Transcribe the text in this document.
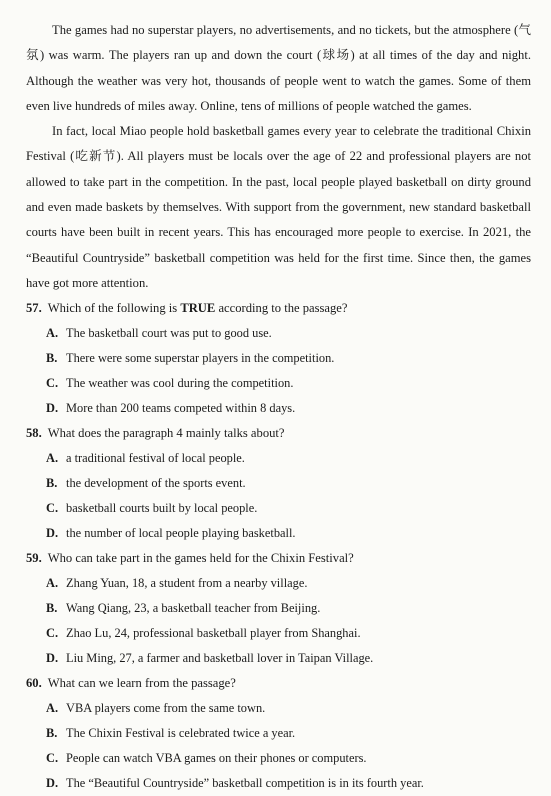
The games had no superstar players, no advertisements, and no tickets, but the atmosphere (气氛) was warm. The players ran up and down the court (球场) at all times of the day and night. Although the weather was very hot, thousands of people went to watch the games. Some of them even live hundreds of miles away. Online, tens of millions of people watched the games.

In fact, local Miao people hold basketball games every year to celebrate the traditional Chixin Festival (吃新节). All players must be locals over the age of 22 and professional players are not allowed to take part in the competition. In the past, local people played basketball on dirty ground and even made baskets by themselves. With support from the government, new standard basketball courts have been built in recent years. This has encouraged more people to exercise. In 2021, the “Beautiful Countryside” basketball competition was held for the first time. Since then, the games have got more attention.

57. Which of the following is TRUE according to the passage?

A. The basketball court was put to good use.

B. There were some superstar players in the competition.

C. The weather was cool during the competition.

D. More than 200 teams competed within 8 days.

58. What does the paragraph 4 mainly talks about?

A. a traditional festival of local people.

B. the development of the sports event.

C. basketball courts built by local people.

D. the number of local people playing basketball.

59. Who can take part in the games held for the Chixin Festival?

A. Zhang Yuan, 18, a student from a nearby village.

B. Wang Qiang, 23, a basketball teacher from Beijing.

C. Zhao Lu, 24, professional basketball player from Shanghai.

D. Liu Ming, 27, a farmer and basketball lover in Taipan Village.

60. What can we learn from the passage?

A. VBA players come from the same town.

B. The Chixin Festival is celebrated twice a year.

C. People can watch VBA games on their phones or computers.

D. The “Beautiful Countryside” basketball competition is in its fourth year.
